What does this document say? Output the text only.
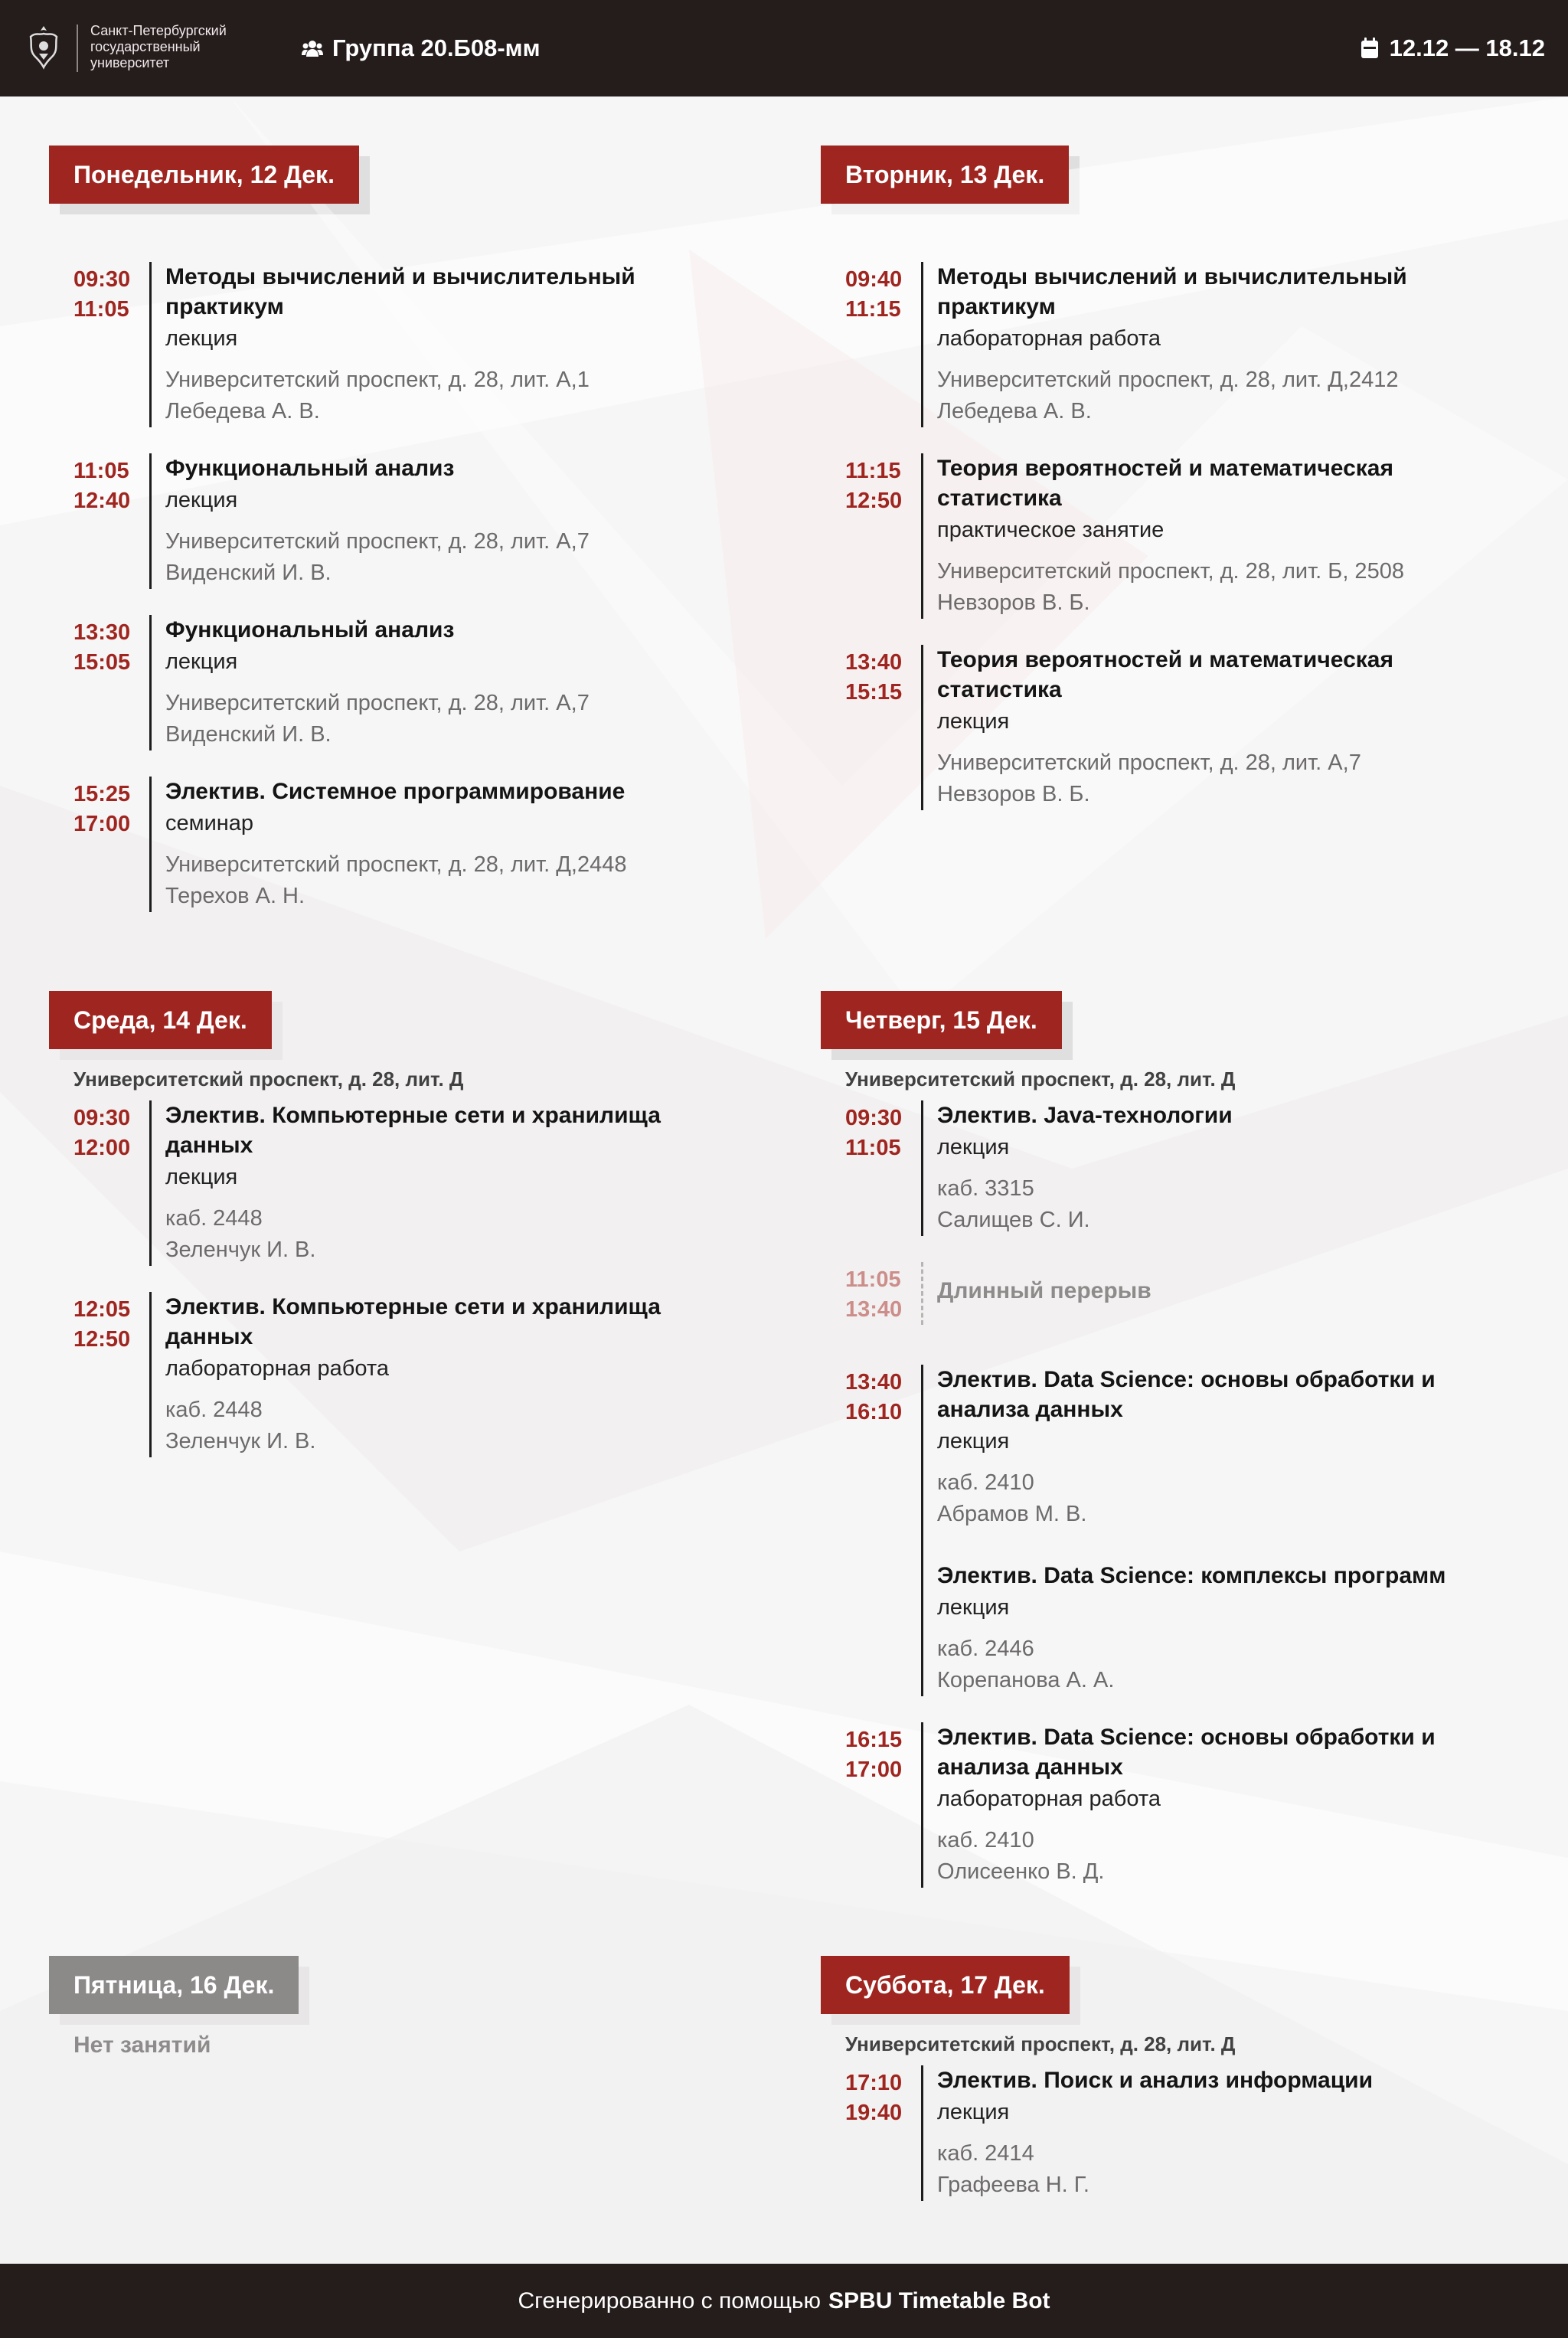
Санкт-Петербургский
государственный
университет
Группа 20.Б08-мм	12.12 — 18.12
Понедельник, 12 Дек.
09:30
11:05
Методы вычислений и вычислительный практикум
лекция
Университетский проспект, д. 28, лит. А,1
Лебедева А. В.
11:05
12:40
Функциональный анализ
лекция
Университетский проспект, д. 28, лит. А,7
Виденский И. В.
13:30
15:05
Функциональный анализ
лекция
Университетский проспект, д. 28, лит. А,7
Виденский И. В.
15:25
17:00
Электив. Системное программирование
семинар
Университетский проспект, д. 28, лит. Д,2448
Терехов А. Н.
Вторник, 13 Дек.
09:40
11:15
Методы вычислений и вычислительный практикум
лабораторная работа
Университетский проспект, д. 28, лит. Д,2412
Лебедева А. В.
11:15
12:50
Теория вероятностей и математическая статистика
практическое занятие
Университетский проспект, д. 28, лит. Б, 2508
Невзоров В. Б.
13:40
15:15
Теория вероятностей и математическая статистика
лекция
Университетский проспект, д. 28, лит. А,7
Невзоров В. Б.
Среда, 14 Дек.
Университетский проспект, д. 28, лит. Д
09:30
12:00
Электив. Компьютерные сети и хранилища данных
лекция
каб. 2448
Зеленчук И. В.
12:05
12:50
Электив. Компьютерные сети и хранилища данных
лабораторная работа
каб. 2448
Зеленчук И. В.
Четверг, 15 Дек.
Университетский проспект, д. 28, лит. Д
09:30
11:05
Электив. Java-технологии
лекция
каб. 3315
Салищев С. И.
11:05
13:40
Длинный перерыв
13:40
16:10
Электив. Data Science: основы обработки и анализа данных
лекция
каб. 2410
Абрамов М. В.
Электив. Data Science: комплексы программ
лекция
каб. 2446
Корепанова А. А.
16:15
17:00
Электив. Data Science: основы обработки и анализа данных
лабораторная работа
каб. 2410
Олисеенко В. Д.
Пятница, 16 Дек.
Нет занятий
Суббота, 17 Дек.
Университетский проспект, д. 28, лит. Д
17:10
19:40
Электив. Поиск и анализ информации
лекция
каб. 2414
Графеева Н. Г.
Сгенерированно с помощью SPBU Timetable Bot
